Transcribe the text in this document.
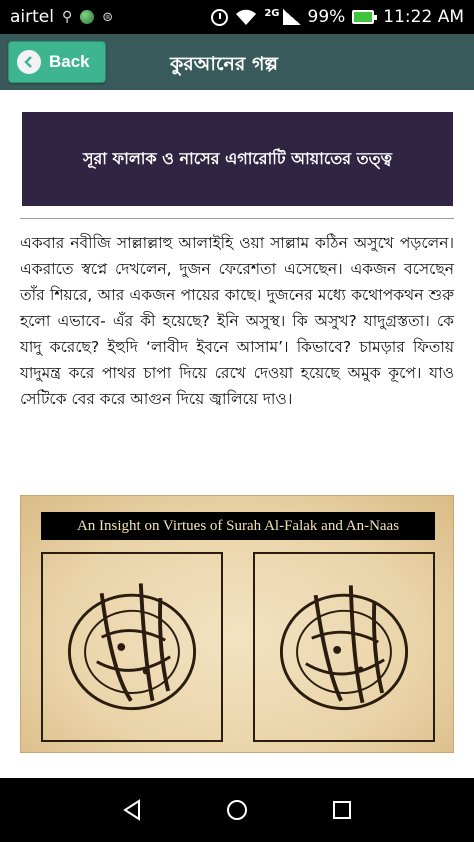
airtel ⚲ ⊜	2G 99% 11:22 AM
Back	কুরআনের গল্প
সূরা ফালাক ও নাসের এগারোটি আয়াতের তত্ত্ব

একবার নবীজি সাল্লাল্লাহু আলাইহি ওয়া সাল্লাম কঠিন অসুখে পড়লেন। একরাতে স্বপ্নে দেখলেন, দুজন ফেরেশতা এসেছেন। একজন বসেছেন তাঁর শিয়রে, আর একজন পায়ের কাছে। দুজনের মধ্যে কথোপকথন শুরু হলো এভাবে- এঁর কী হয়েছে? ইনি অসুস্থ। কি অসুখ? যাদুগ্রস্ততা। কে যাদু করেছে? ইহুদি ‘লাবীদ ইবনে আসাম’। কিভাবে? চামড়ার ফিতায় যাদুমন্ত্র করে পাথর চাপা দিয়ে রেখে দেওয়া হয়েছে অমুক কূপে। যাও সেটিকে বের করে আগুন দিয়ে জ্বালিয়ে দাও।

An Insight on Virtues of Surah Al-Falak and An-Naas
